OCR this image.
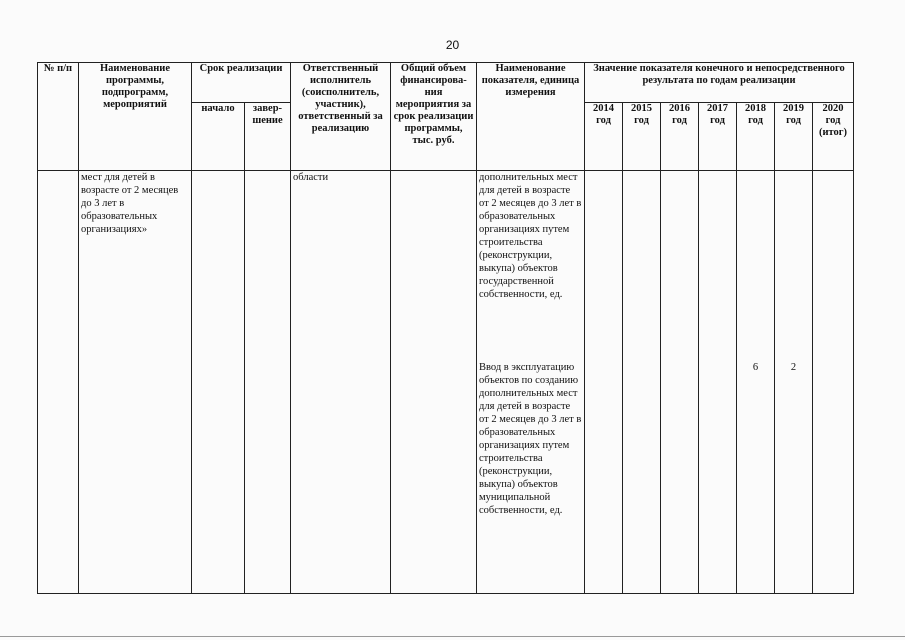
20
№ п/п	Наименование программы, подпрограмм, мероприятий	Срок реализации		Ответственный исполнитель (соисполнитель, участник), ответственный за реализацию	Общий объем финансирова-ния мероприятия за срок реализации программы, тыс. руб.	Наименование показателя, единица измерения	Значение показателя конечного и непосредственного результата по годам реализации						
		начало	завер-шение				2014 год	2015 год	2016 год	2017 год	2018 год	2019 год	2020 год (итог)
	мест для детей в возрасте от 2 месяцев до 3 лет в образовательных организациях»			области		дополнительных мест для детей в возрасте от 2 месяцев до 3 лет в образовательных организациях путем строительства (реконструкции, выкупа) объектов государственной собственности, ед.							
						Ввод в эксплуатацию объектов по созданию дополнительных мест для детей в возрасте от 2 месяцев до 3 лет в образовательных организациях путем строительства (реконструкции, выкупа) объектов муниципальной собственности, ед.					6	2	
